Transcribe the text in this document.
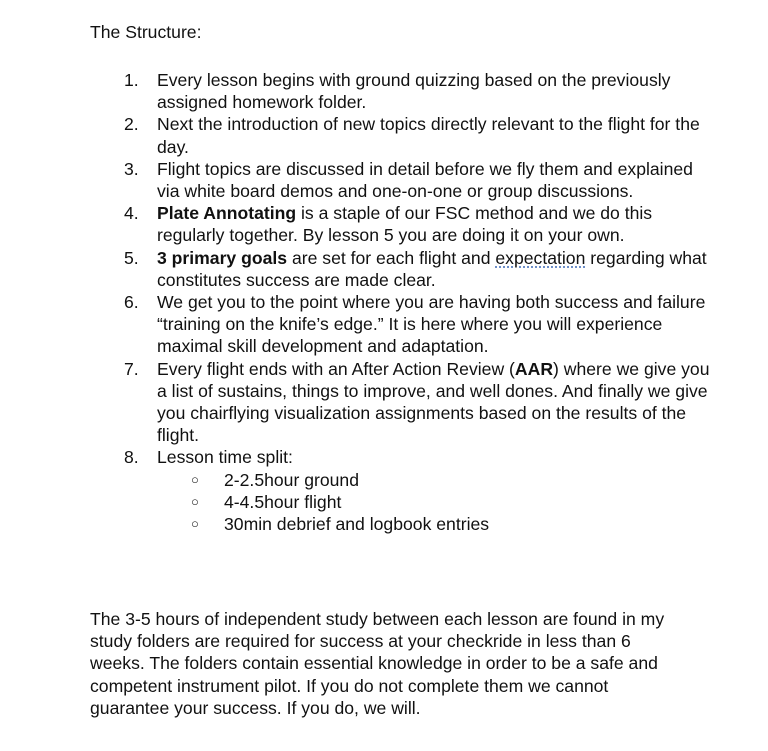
The Structure:

1. Every lesson begins with ground quizzing based on the previously assigned homework folder.
2. Next the introduction of new topics directly relevant to the flight for the day.
3. Flight topics are discussed in detail before we fly them and explained via white board demos and one-on-one or group discussions.
4. Plate Annotating is a staple of our FSC method and we do this regularly together. By lesson 5 you are doing it on your own.
5. 3 primary goals are set for each flight and expectation regarding what constitutes success are made clear.
6. We get you to the point where you are having both success and failure “training on the knife’s edge.” It is here where you will experience maximal skill development and adaptation.
7. Every flight ends with an After Action Review (AAR) where we give you a list of sustains, things to improve, and well dones. And finally we give you chairflying visualization assignments based on the results of the flight.
8. Lesson time split:
○ 2-2.5hour ground
○ 4-4.5hour flight
○ 30min debrief and logbook entries

The 3-5 hours of independent study between each lesson are found in my study folders are required for success at your checkride in less than 6 weeks. The folders contain essential knowledge in order to be a safe and competent instrument pilot. If you do not complete them we cannot guarantee your success. If you do, we will.
